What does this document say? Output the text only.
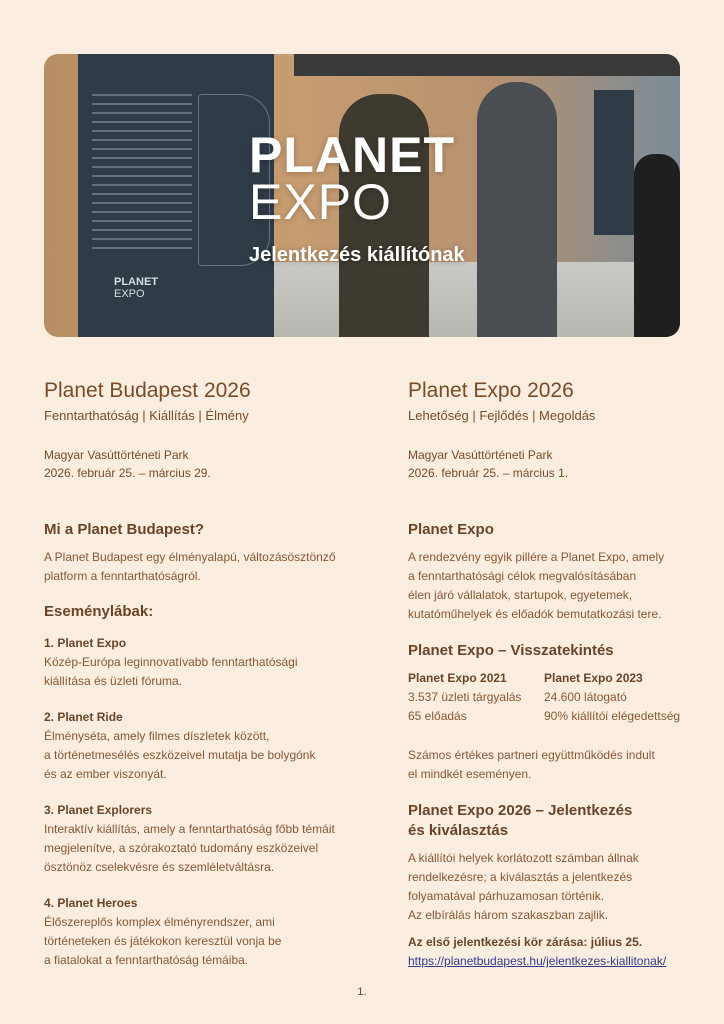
PLANET
EXPO
PLANET
EXPO
Jelentkezés kiállítónak
Planet Budapest 2026
Fenntarthatóság | Kiállítás | Élmény
Magyar Vasúttörténeti Park
2026. február 25. – március 29.
Mi a Planet Budapest?

A Planet Budapest egy élményalapú, változásösztönző

platform a fenntarthatóságról.

Eseménylábak:

1. Planet Expo

Közép-Európa leginnovatívabb fenntarthatósági

kiállítása és üzleti fóruma.

2. Planet Ride

Élményséta, amely filmes díszletek között,

a történetmesélés eszközeivel mutatja be bolygónk

és az ember viszonyát.

3. Planet Explorers

Interaktív kiállítás, amely a fenntarthatóság főbb témáit

megjelenítve, a szórakoztató tudomány eszközeivel

ösztönöz cselekvésre és szemléletváltásra.

4. Planet Heroes

Élőszereplős komplex élményrendszer, ami

történeteken és játékokon keresztül vonja be

a fiatalokat a fenntarthatóság témáiba.

Planet Expo 2026
Lehetőség | Fejlődés | Megoldás
Magyar Vasúttörténeti Park
2026. február 25. – március 1.
Planet Expo

A rendezvény egyik pillére a Planet Expo, amely

a fenntarthatósági célok megvalósításában

élen járó vállalatok, startupok, egyetemek,

kutatóműhelyek és előadók bemutatkozási tere.

Planet Expo – Visszatekintés
Planet Expo 2021
3.537 üzleti tárgyalás
65 előadás
Planet Expo 2023
24.600 látogató
90% kiállítói elégedettség

Számos értékes partneri együttműködés indult

el mindkét eseményen.

Planet Expo 2026 – Jelentkezés
és kiválasztás

A kiállítói helyek korlátozott számban állnak

rendelkezésre; a kiválasztás a jelentkezés

folyamatával párhuzamosan történik.

Az elbírálás három szakaszban zajlik.

Az első jelentkezési kör zárása: július 25.
https://planetbudapest.hu/jelentkezes-kiallitonak/
1.
